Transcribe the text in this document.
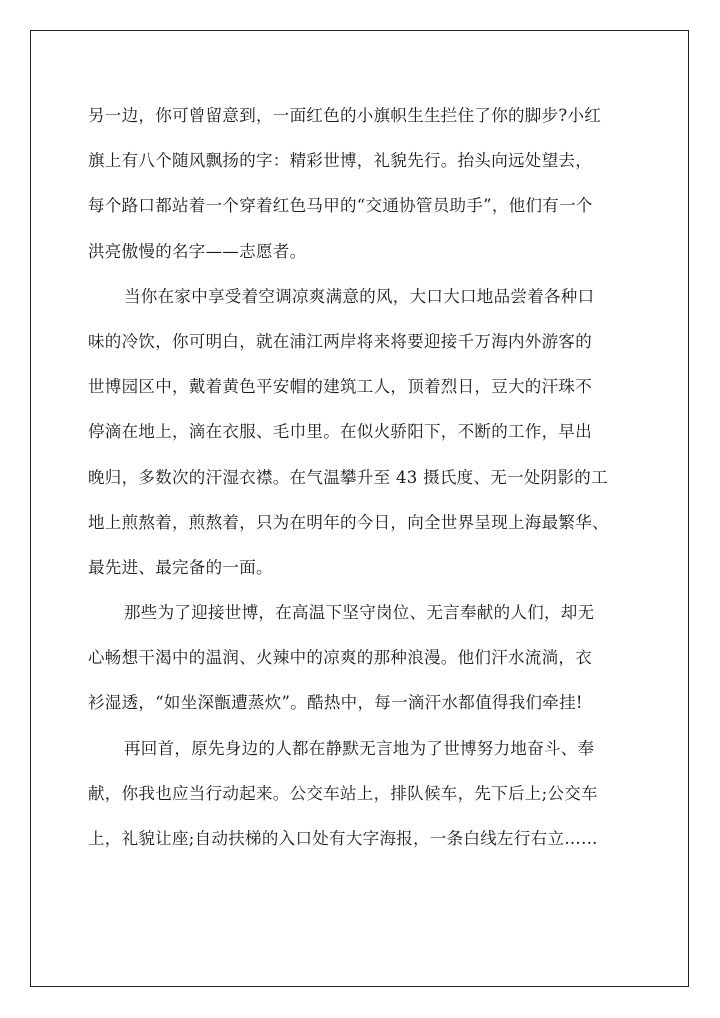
另一边，你可曾留意到，一面红色的小旗帜生生拦住了你的脚步?小红
旗上有八个随风飘扬的字：精彩世博，礼貌先行。抬头向远处望去，
每个路口都站着一个穿着红色马甲的“交通协管员助手”，他们有一个
洪亮傲慢的名字——志愿者。
当你在家中享受着空调凉爽满意的风，大口大口地品尝着各种口
味的冷饮，你可明白，就在浦江两岸将来将要迎接千万海内外游客的
世博园区中，戴着黄色平安帽的建筑工人，顶着烈日，豆大的汗珠不
停滴在地上，滴在衣服、毛巾里。在似火骄阳下，不断的工作，早出
晚归，多数次的汗湿衣襟。在气温攀升至 43 摄氏度、无一处阴影的工
地上煎熬着，煎熬着，只为在明年的今日，向全世界呈现上海最繁华、
最先进、最完备的一面。
那些为了迎接世博，在高温下坚守岗位、无言奉献的人们，却无
心畅想干渴中的温润、火辣中的凉爽的那种浪漫。他们汗水流淌，衣
衫湿透，“如坐深甑遭蒸炊”。酷热中，每一滴汗水都值得我们牵挂!
再回首，原先身边的人都在静默无言地为了世博努力地奋斗、奉
献，你我也应当行动起来。公交车站上，排队候车，先下后上;公交车
上，礼貌让座;自动扶梯的入口处有大字海报，一条白线左行右立……
